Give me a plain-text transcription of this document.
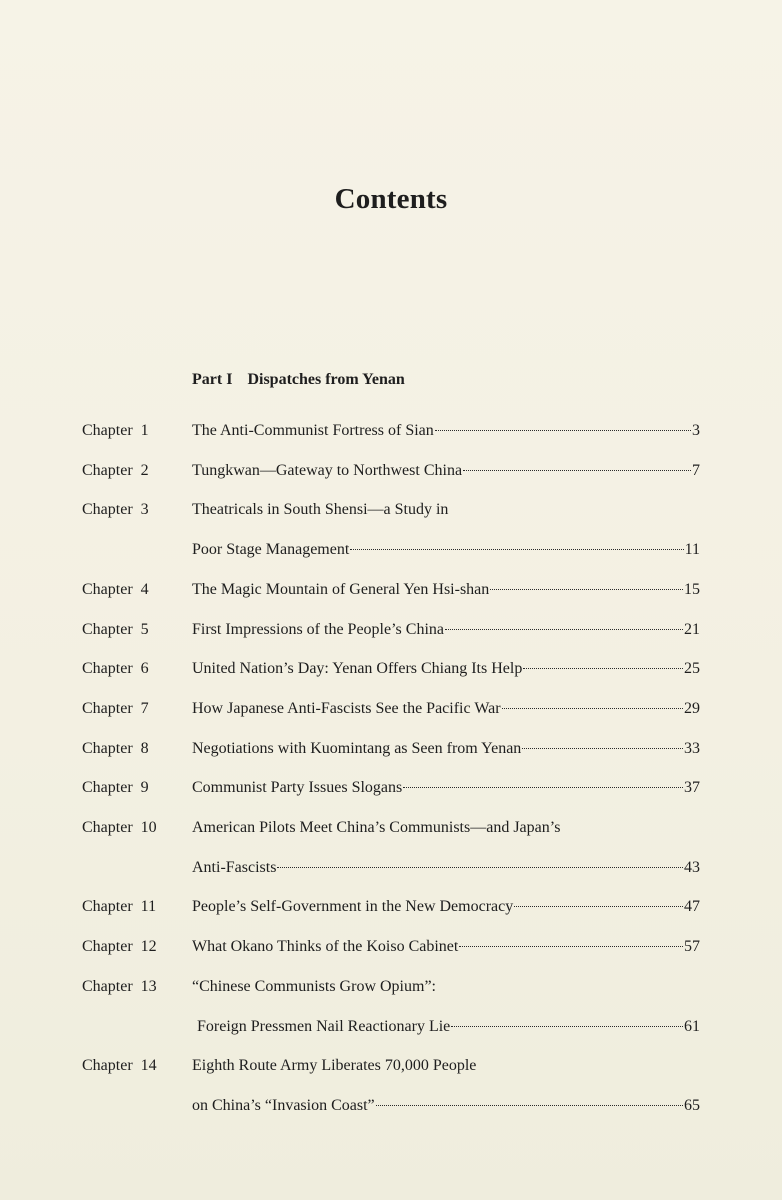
Contents
Part I Dispatches from Yenan
Chapter 1	The Anti-Communist Fortress of Sian	3
Chapter 2	Tungkwan—Gateway to Northwest China	7
Chapter 3	Theatricals in South Shensi—a Study in
Poor Stage Management	11
Chapter 4	The Magic Mountain of General Yen Hsi-shan	15
Chapter 5	First Impressions of the People’s China	21
Chapter 6	United Nation’s Day: Yenan Offers Chiang Its Help	25
Chapter 7	How Japanese Anti-Fascists See the Pacific War	29
Chapter 8	Negotiations with Kuomintang as Seen from Yenan	33
Chapter 9	Communist Party Issues Slogans	37
Chapter 10 American Pilots Meet China’s Communists—and Japan’s
Anti-Fascists	43
Chapter 11 People’s Self-Government in the New Democracy	47
Chapter 12 What Okano Thinks of the Koiso Cabinet	57
Chapter 13 “Chinese Communists Grow Opium”:
Foreign Pressmen Nail Reactionary Lie	61
Chapter 14 Eighth Route Army Liberates 70,000 People
on China’s “Invasion Coast”	65
